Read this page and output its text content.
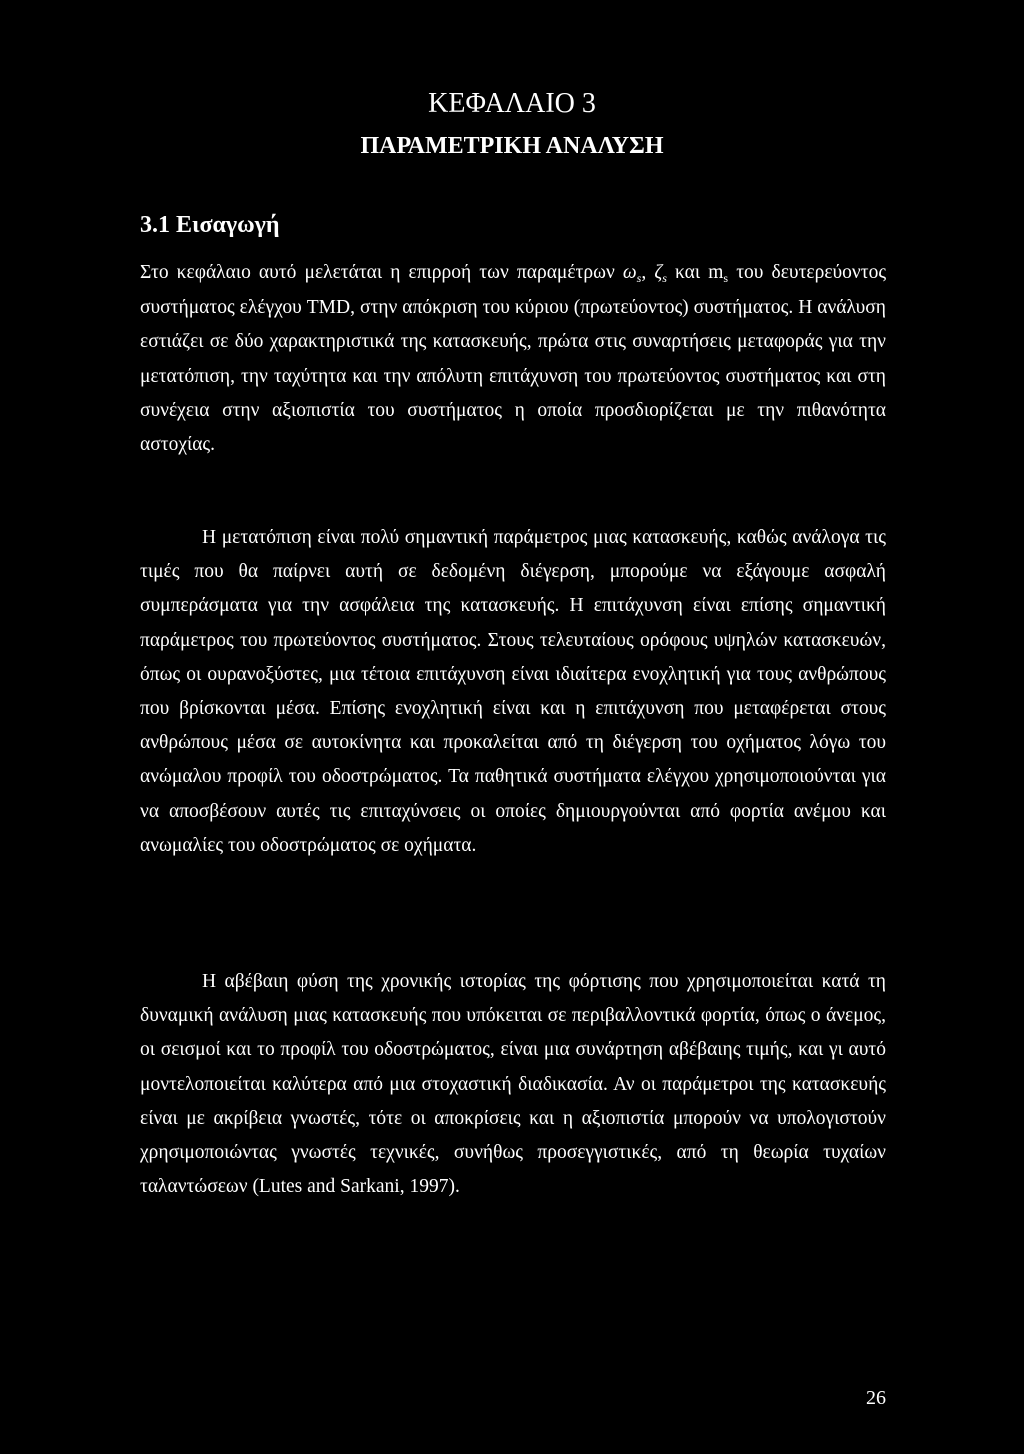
ΚΕΦΑΛΑΙΟ 3
ΠΑΡΑΜΕΤΡΙΚΗ ΑΝΑΛΥΣΗ
3.1 Εισαγωγή

Στο κεφάλαιο αυτό μελετάται η επιρροή των παραμέτρων $\omega_s$, $\zeta_s$ και $m_s$ του δευτερεύοντος συστήματος ελέγχου TMD, στην απόκριση του κύριου (πρωτεύοντος) συστήματος. Η ανάλυση εστιάζει σε δύο χαρακτηριστικά της κατασκευής, πρώτα στις συναρτήσεις μεταφοράς για την μετατόπιση, την ταχύτητα και την απόλυτη επιτάχυνση του πρωτεύοντος συστήματος και στη συνέχεια στην αξιοπιστία του συστήματος η οποία προσδιορίζεται με την πιθανότητα αστοχίας.

Η μετατόπιση είναι πολύ σημαντική παράμετρος μιας κατασκευής, καθώς ανάλογα τις τιμές που θα παίρνει αυτή σε δεδομένη διέγερση, μπορούμε να εξάγουμε ασφαλή συμπεράσματα για την ασφάλεια της κατασκευής. Η επιτάχυνση είναι επίσης σημαντική παράμετρος του πρωτεύοντος συστήματος. Στους τελευταίους ορόφους υψηλών κατασκευών, όπως οι ουρανοξύστες, μια τέτοια επιτάχυνση είναι ιδιαίτερα ενοχλητική για τους ανθρώπους που βρίσκονται μέσα. Επίσης ενοχλητική είναι και η επιτάχυνση που μεταφέρεται στους ανθρώπους μέσα σε αυτοκίνητα και προκαλείται από τη διέγερση του οχήματος λόγω του ανώμαλου προφίλ του οδοστρώματος. Τα παθητικά συστήματα ελέγχου χρησιμοποιούνται για να αποσβέσουν αυτές τις επιταχύνσεις οι οποίες δημιουργούνται από φορτία ανέμου και ανωμαλίες του οδοστρώματος σε οχήματα.

Η αβέβαιη φύση της χρονικής ιστορίας της φόρτισης που χρησιμοποιείται κατά τη δυναμική ανάλυση μιας κατασκευής που υπόκειται σε περιβαλλοντικά φορτία, όπως ο άνεμος, οι σεισμοί και το προφίλ του οδοστρώματος, είναι μια συνάρτηση αβέβαιης τιμής, και γι αυτό μοντελοποιείται καλύτερα από μια στοχαστική διαδικασία. Αν οι παράμετροι της κατασκευής είναι με ακρίβεια γνωστές, τότε οι αποκρίσεις και η αξιοπιστία μπορούν να υπολογιστούν χρησιμοποιώντας γνωστές τεχνικές, συνήθως προσεγγιστικές, από τη θεωρία τυχαίων ταλαντώσεων (Lutes and Sarkani, 1997).

26
